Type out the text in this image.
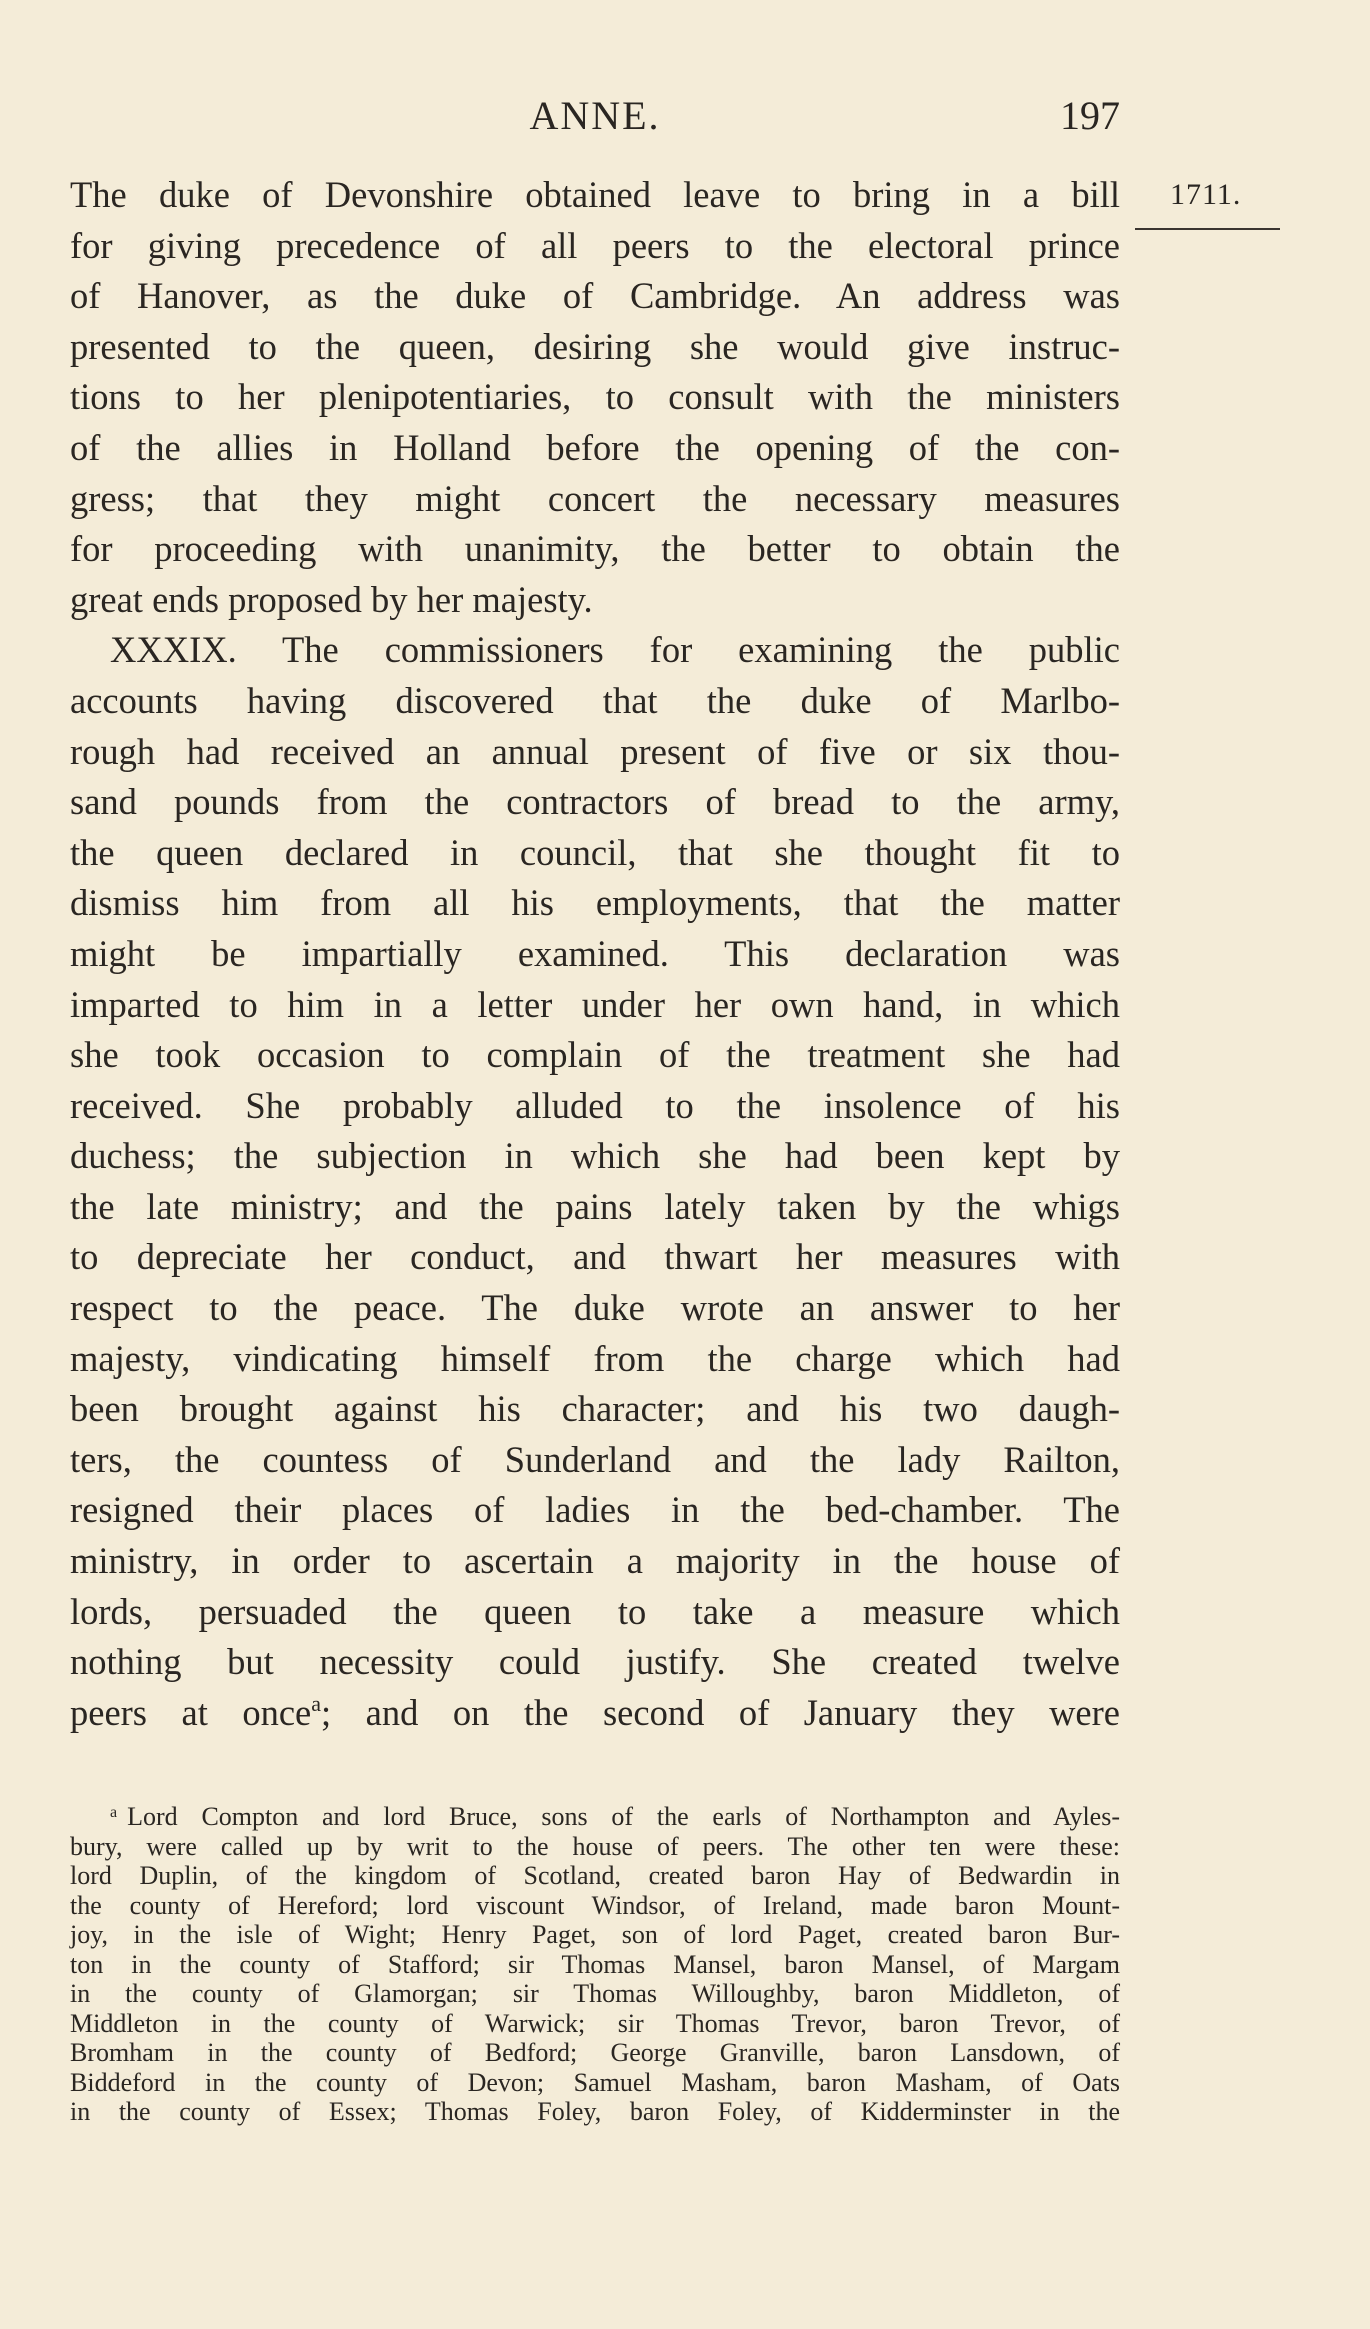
ANNE.	197
1711.
The duke of Devonshire obtained leave to bring in a bill
for giving precedence of all peers to the electoral prince
of Hanover, as the duke of Cambridge. An address was
presented to the queen, desiring she would give instruc-
tions to her plenipotentiaries, to consult with the ministers
of the allies in Holland before the opening of the con-
gress; that they might concert the necessary measures
for proceeding with unanimity, the better to obtain the
great ends proposed by her majesty.
XXXIX. The commissioners for examining the public
accounts having discovered that the duke of Marlbo-
rough had received an annual present of five or six thou-
sand pounds from the contractors of bread to the army,
the queen declared in council, that she thought fit to
dismiss him from all his employments, that the matter
might be impartially examined. This declaration was
imparted to him in a letter under her own hand, in which
she took occasion to complain of the treatment she had
received. She probably alluded to the insolence of his
duchess; the subjection in which she had been kept by
the late ministry; and the pains lately taken by the whigs
to depreciate her conduct, and thwart her measures with
respect to the peace. The duke wrote an answer to her
majesty, vindicating himself from the charge which had
been brought against his character; and his two daugh-
ters, the countess of Sunderland and the lady Railton,
resigned their places of ladies in the bed-chamber. The
ministry, in order to ascertain a majority in the house of
lords, persuaded the queen to take a measure which
nothing but necessity could justify. She created twelve
peers at once$^a$; and on the second of January they were
$^a$ Lord Compton and lord Bruce, sons of the earls of Northampton and Ayles-
bury, were called up by writ to the house of peers. The other ten were these:
lord Duplin, of the kingdom of Scotland, created baron Hay of Bedwardin in
the county of Hereford; lord viscount Windsor, of Ireland, made baron Mount-
joy, in the isle of Wight; Henry Paget, son of lord Paget, created baron Bur-
ton in the county of Stafford; sir Thomas Mansel, baron Mansel, of Margam
in the county of Glamorgan; sir Thomas Willoughby, baron Middleton, of
Middleton in the county of Warwick; sir Thomas Trevor, baron Trevor, of
Bromham in the county of Bedford; George Granville, baron Lansdown, of
Biddeford in the county of Devon; Samuel Masham, baron Masham, of Oats
in the county of Essex; Thomas Foley, baron Foley, of Kidderminster in the
